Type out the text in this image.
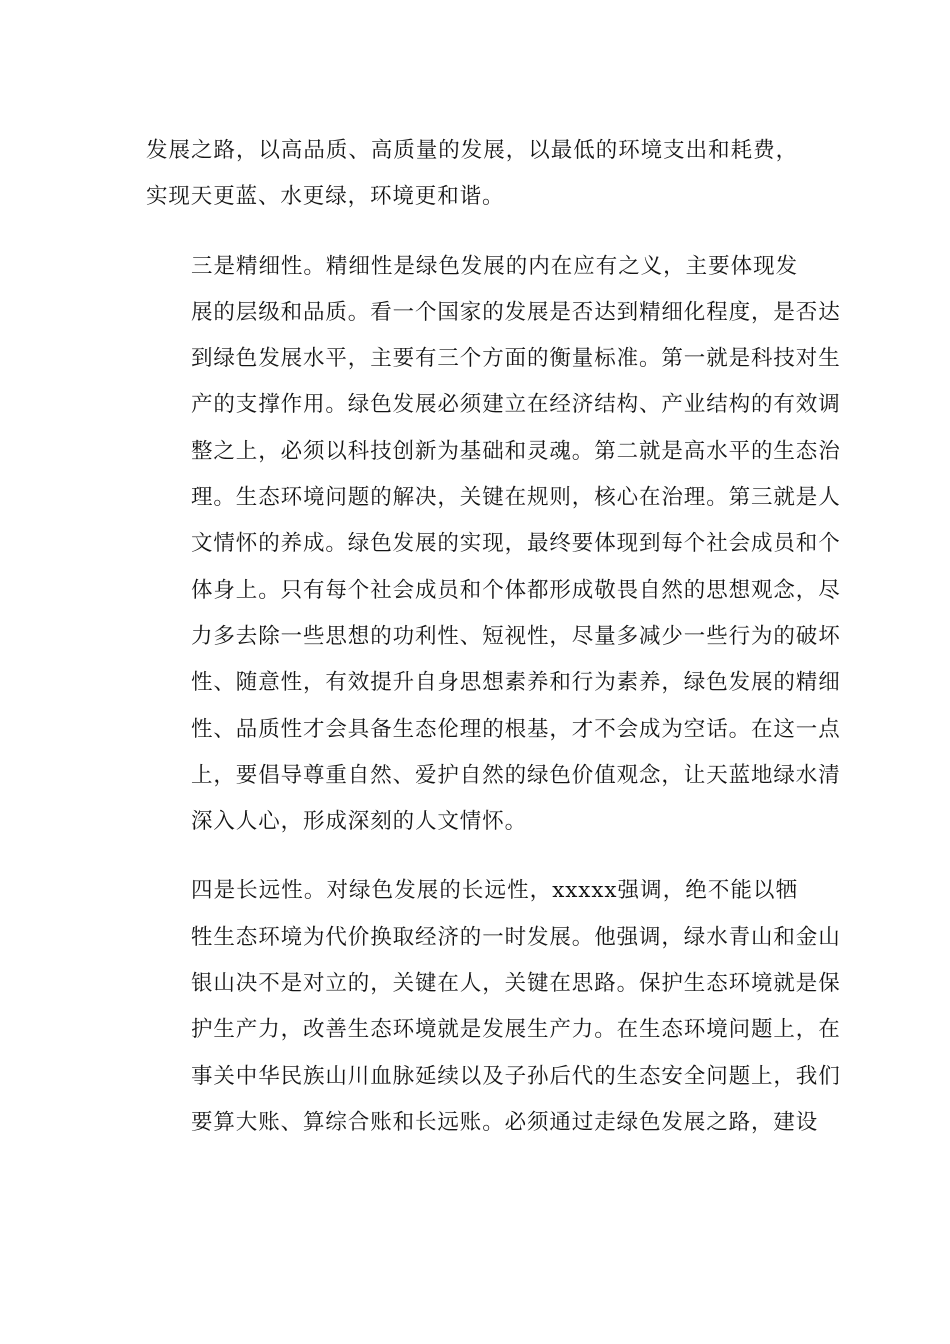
发展之路，以高品质、高质量的发展，以最低的环境支出和耗费，
实现天更蓝、水更绿，环境更和谐。
三是精细性。精细性是绿色发展的内在应有之义，主要体现发
展的层级和品质。看一个国家的发展是否达到精细化程度，是否达
到绿色发展水平，主要有三个方面的衡量标准。第一就是科技对生
产的支撑作用。绿色发展必须建立在经济结构、产业结构的有效调
整之上，必须以科技创新为基础和灵魂。第二就是高水平的生态治
理。生态环境问题的解决，关键在规则，核心在治理。第三就是人
文情怀的养成。绿色发展的实现，最终要体现到每个社会成员和个
体身上。只有每个社会成员和个体都形成敬畏自然的思想观念，尽
力多去除一些思想的功利性、短视性，尽量多减少一些行为的破坏
性、随意性，有效提升自身思想素养和行为素养，绿色发展的精细
性、品质性才会具备生态伦理的根基，才不会成为空话。在这一点
上，要倡导尊重自然、爱护自然的绿色价值观念，让天蓝地绿水清
深入人心，形成深刻的人文情怀。
四是长远性。对绿色发展的长远性，xxxxx强调，绝不能以牺
牲生态环境为代价换取经济的一时发展。他强调，绿水青山和金山
银山决不是对立的，关键在人，关键在思路。保护生态环境就是保
护生产力，改善生态环境就是发展生产力。在生态环境问题上，在
事关中华民族山川血脉延续以及子孙后代的生态安全问题上，我们
要算大账、算综合账和长远账。必须通过走绿色发展之路，建设
